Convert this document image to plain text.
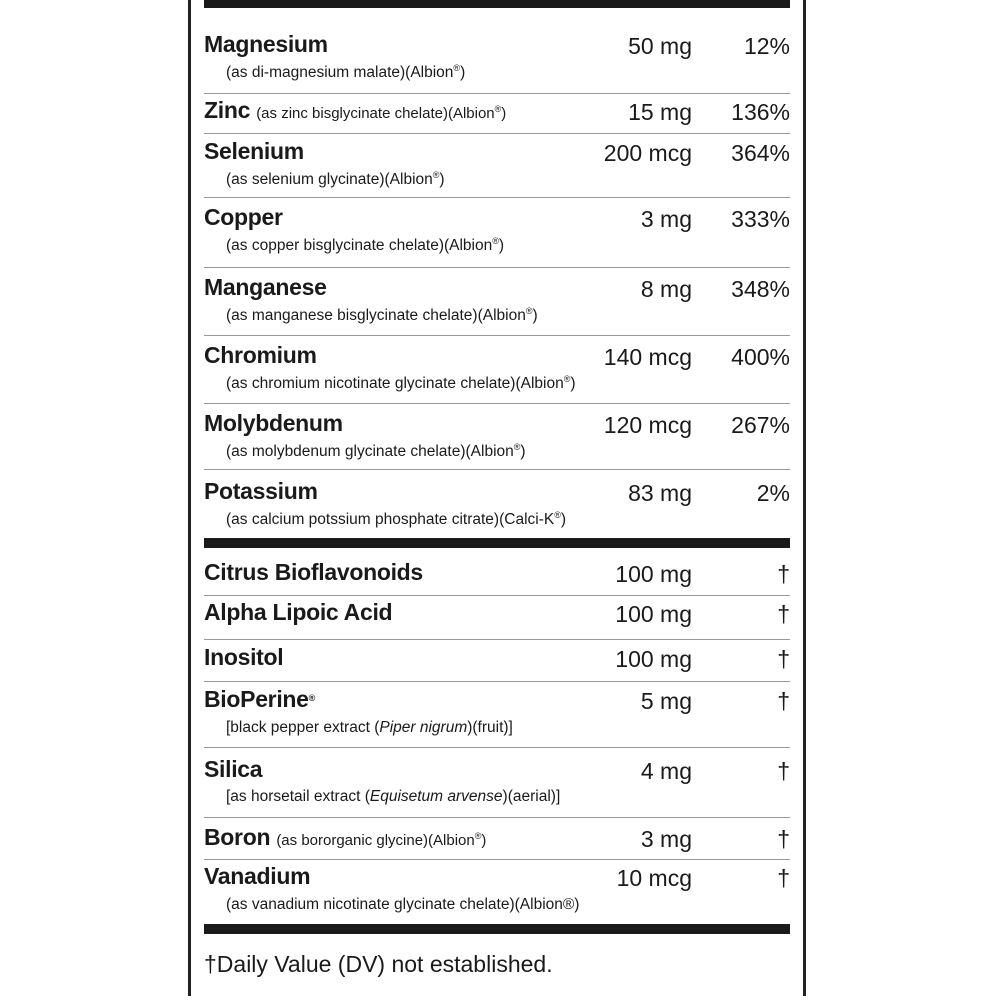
Magnesium	50 mg 12%
(as di-magnesium malate)(Albion®)
Zinc (as zinc bisglycinate chelate)(Albion®)	15 mg 136%
Selenium	200 mcg 364%
(as selenium glycinate)(Albion®)
Copper	3 mg 333%
(as copper bisglycinate chelate)(Albion®)
Manganese	8 mg 348%
(as manganese bisglycinate chelate)(Albion®)
Chromium	140 mcg 400%
(as chromium nicotinate glycinate chelate)(Albion®)
Molybdenum	120 mcg 267%
(as molybdenum glycinate chelate)(Albion®)
Potassium	83 mg	2%
(as calcium potssium phosphate citrate)(Calci-K®)
Citrus Bioflavonoids	100 mg	†
Alpha Lipoic Acid	100 mg	†
Inositol	100 mg	†
BioPerine®	5 mg	†
[black pepper extract (Piper nigrum)(fruit)]
Silica	4 mg	†
[as horsetail extract (Equisetum arvense)(aerial)]
Boron (as bororganic glycine)(Albion®)	3 mg	†
Vanadium	10 mcg	†
(as vanadium nicotinate glycinate chelate)(Albion®)
†Daily Value (DV) not established.
